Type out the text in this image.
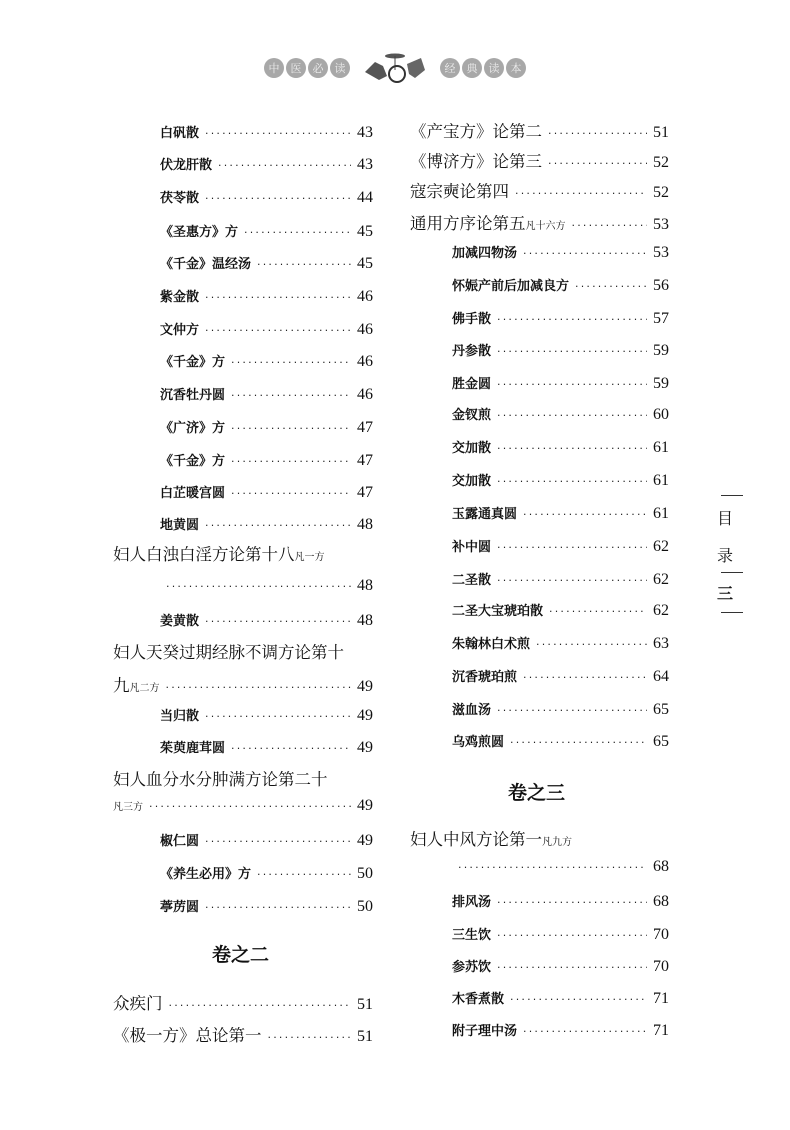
中 医 必 读	经 典 读 本
白矾散 ·····	43
伏龙肝散 ·····	43
茯苓散 ·····	44
《圣惠方》方 ·····	45
《千金》温经汤 ·····	45
紫金散 ·····	46
文仲方 ·····	46
《千金》方 ·····	46
沉香牡丹圆 ·····	46
《广济》方 ·····	47
《千金》方 ·····	47
白芷暖宫圆 ·····	47
地黄圆 ·····	48
妇人白浊白淫方论第十八 凡一方
·····
48
姜黄散 ·····	48
妇人天癸过期经脉不调方论第十
九 凡二方 ·····	49
当归散 ·····	49
茱萸鹿茸圆 ·····	49
妇人血分水分肿满方论第二十
凡三方 ·····	49
椒仁圆 ·····	49
《养生必用》方 ·····	50
葶苈圆 ·····	50
众疾门 ·····	51
《极一方》总论第一 ·····	51
《产宝方》论第二 ·····	51
《博济方》论第三 ·····	52
寇宗奭论第四 ·····	52
通用方序论第五 凡十六方 ·····	53
加减四物汤 ·····	53
怀娠产前后加减良方 ·····	56
佛手散 ·····	57
丹参散 ·····	59
胜金圆 ·····	59
金钗煎 ·····	60
交加散 ·····	61
交加散 ·····	61
玉露通真圆 ·····	61
补中圆 ·····	62
二圣散 ·····	62
二圣大宝琥珀散 ·····	62
朱翰林白术煎 ·····	63
沉香琥珀煎 ·····	64
滋血汤 ·····	65
乌鸡煎圆 ·····	65
妇人中风方论第一 凡九方
·····
68
排风汤 ·····	68
三生饮 ·····	70
参苏饮 ·····	70
木香煮散 ·····	71
附子理中汤 ·····	71
卷之二
卷之三
目
录
三
